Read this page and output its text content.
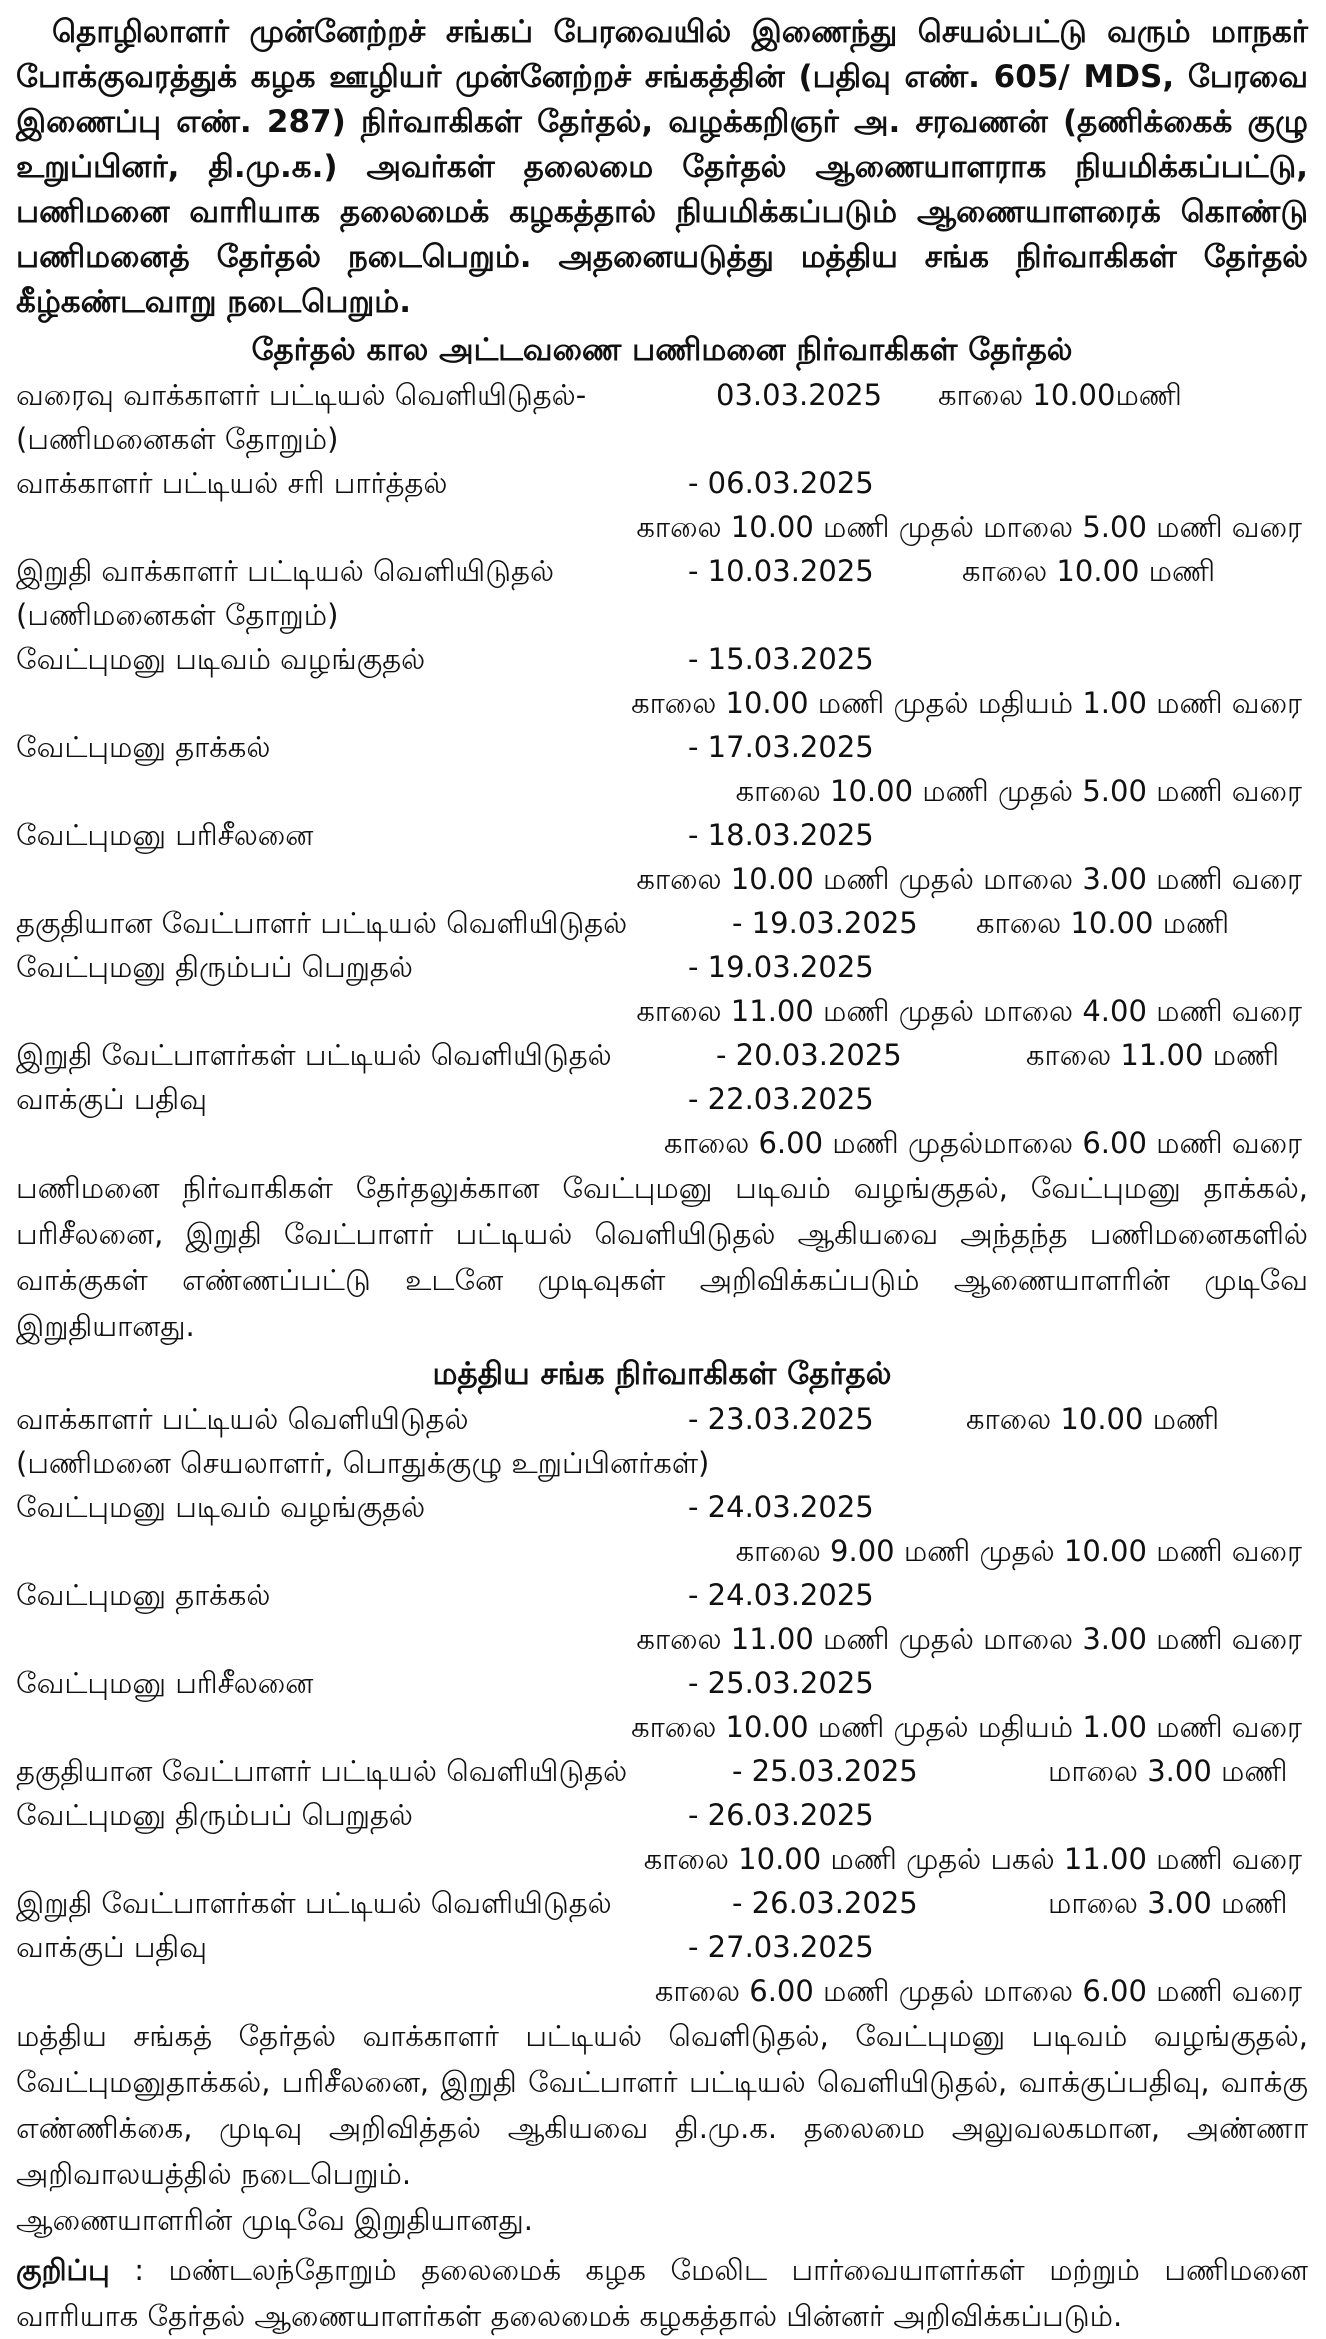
தொழிலாளர் முன்னேற்றச் சங்கப் பேரவையில் இணைந்து செயல்பட்டு வரும் மாநகர் போக்குவரத்துக் கழக ஊழியர் முன்னேற்றச் சங்கத்தின் (பதிவு எண். 605/ MDS, பேரவை இணைப்பு எண். 287) நிர்வாகிகள் தேர்தல், வழக்கறிஞர் அ. சரவணன் (தணிக்கைக் குழு உறுப்பினர், தி.மு.க.) அவர்கள் தலைமை தேர்தல் ஆணையாளராக நியமிக்கப்பட்டு, பணிமனை வாரியாக தலைமைக் கழகத்தால் நியமிக்கப்படும் ஆணையாளரைக் கொண்டு பணிமனைத் தேர்தல் நடைபெறும். அதனையடுத்து மத்திய சங்க நிர்வாகிகள் தேர்தல் கீழ்கண்டவாறு நடைபெறும்.

தேர்தல் கால அட்டவணை பணிமனை நிர்வாகிகள் தேர்தல்
வரைவு வாக்காளர் பட்டியல் வெளியிடுதல்-	03.03.2025 காலை 10.00மணி
(பணிமனைகள் தோறும்)
வாக்காளர் பட்டியல் சரி பார்த்தல்	- 06.03.2025
காலை 10.00 மணி முதல் மாலை 5.00 மணி வரை
இறுதி வாக்காளர் பட்டியல் வெளியிடுதல்	- 10.03.2025	காலை 10.00 மணி
(பணிமனைகள் தோறும்)
வேட்புமனு படிவம் வழங்குதல்	- 15.03.2025
காலை 10.00 மணி முதல் மதியம் 1.00 மணி வரை
வேட்புமனு தாக்கல்	- 17.03.2025
காலை 10.00 மணி முதல் 5.00 மணி வரை
வேட்புமனு பரிசீலனை	- 18.03.2025
காலை 10.00 மணி முதல் மாலை 3.00 மணி வரை
தகுதியான வேட்பாளர் பட்டியல் வெளியிடுதல்	- 19.03.2025 காலை 10.00 மணி
வேட்புமனு திரும்பப் பெறுதல்	- 19.03.2025
காலை 11.00 மணி முதல் மாலை 4.00 மணி வரை
இறுதி வேட்பாளர்கள் பட்டியல் வெளியிடுதல்	- 20.03.2025	காலை 11.00 மணி
வாக்குப் பதிவு	- 22.03.2025
காலை 6.00 மணி முதல்மாலை 6.00 மணி வரை

பணிமனை நிர்வாகிகள் தேர்தலுக்கான வேட்புமனு படிவம் வழங்குதல், வேட்புமனு தாக்கல், பரிசீலனை, இறுதி வேட்பாளர் பட்டியல் வெளியிடுதல் ஆகியவை அந்தந்த பணிமனைகளில் வாக்குகள் எண்ணப்பட்டு உடனே முடிவுகள் அறிவிக்கப்படும் ஆணையாளரின் முடிவே இறுதியானது.

மத்திய சங்க நிர்வாகிகள் தேர்தல்
வாக்காளர் பட்டியல் வெளியிடுதல்	- 23.03.2025	காலை 10.00 மணி
(பணிமனை செயலாளர், பொதுக்குழு உறுப்பினர்கள்)
வேட்புமனு படிவம் வழங்குதல்	- 24.03.2025
காலை 9.00 மணி முதல் 10.00 மணி வரை
வேட்புமனு தாக்கல்	- 24.03.2025
காலை 11.00 மணி முதல் மாலை 3.00 மணி வரை
வேட்புமனு பரிசீலனை	- 25.03.2025
காலை 10.00 மணி முதல் மதியம் 1.00 மணி வரை
தகுதியான வேட்பாளர் பட்டியல் வெளியிடுதல்	- 25.03.2025	மாலை 3.00 மணி
வேட்புமனு திரும்பப் பெறுதல்	- 26.03.2025
காலை 10.00 மணி முதல் பகல் 11.00 மணி வரை
இறுதி வேட்பாளர்கள் பட்டியல் வெளியிடுதல்	- 26.03.2025	மாலை 3.00 மணி
வாக்குப் பதிவு	- 27.03.2025
காலை 6.00 மணி முதல் மாலை 6.00 மணி வரை

மத்திய சங்கத் தேர்தல் வாக்காளர் பட்டியல் வெளிடுதல், வேட்புமனு படிவம் வழங்குதல், வேட்புமனுதாக்கல், பரிசீலனை, இறுதி வேட்பாளர் பட்டியல் வெளியிடுதல், வாக்குப்பதிவு, வாக்கு எண்ணிக்கை, முடிவு அறிவித்தல் ஆகியவை தி.மு.க. தலைமை அலுவலகமான, அண்ணா அறிவாலயத்தில் நடைபெறும்.

ஆணையாளரின் முடிவே இறுதியானது.

குறிப்பு : மண்டலந்தோறும் தலைமைக் கழக மேலிட பார்வையாளர்கள் மற்றும் பணிமனை வாரியாக தேர்தல் ஆணையாளர்கள் தலைமைக் கழகத்தால் பின்னர் அறிவிக்கப்படும்.
